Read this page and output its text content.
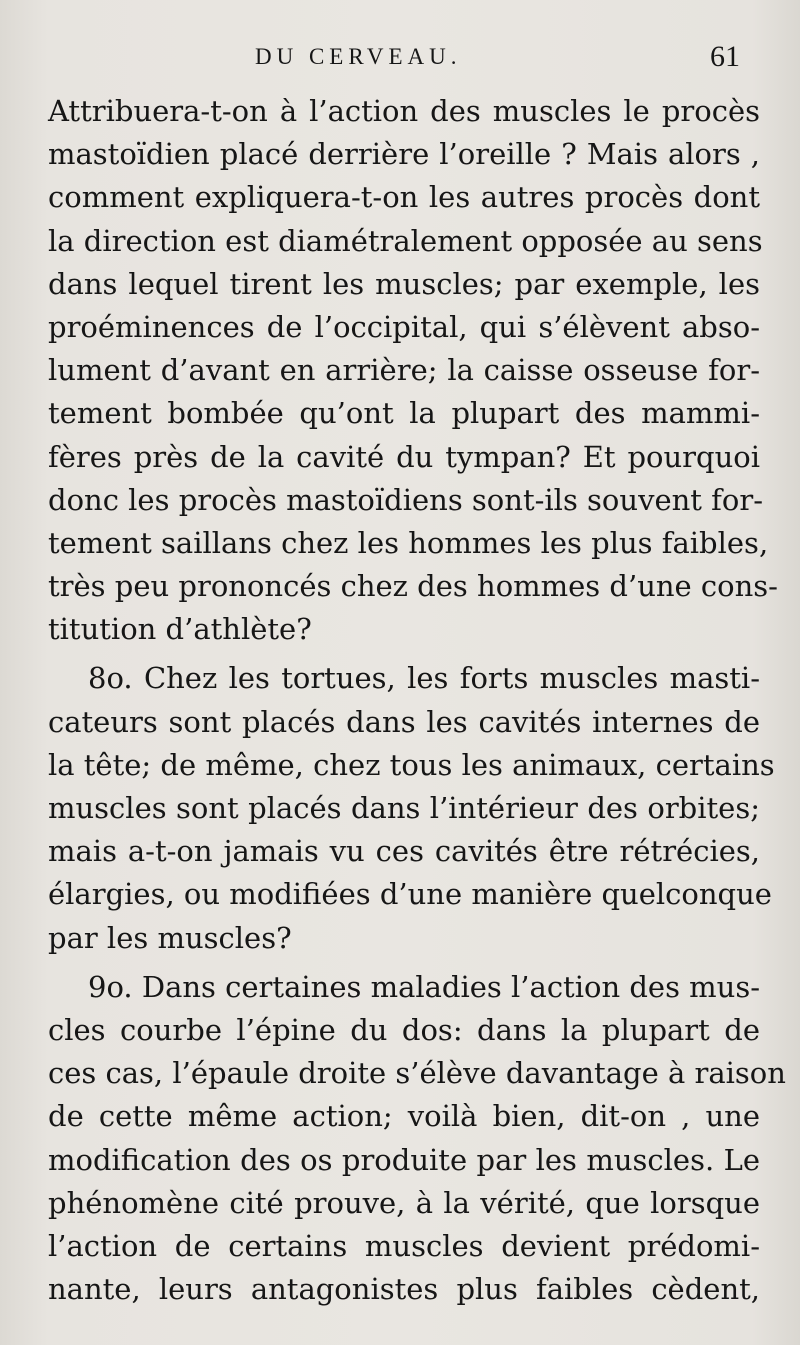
DU CERVEAU.	61
Attribuera-t-on à l’action des muscles le procès
mastoïdien placé derrière l’oreille ? Mais alors ,
comment expliquera-t-on les autres procès dont
la direction est diamétralement opposée au sens
dans lequel tirent les muscles; par exemple, les
proéminences de l’occipital, qui s’élèvent abso-
lument d’avant en arrière; la caisse osseuse for-
tement bombée qu’ont la plupart des mammi-
fères près de la cavité du tympan? Et pourquoi
donc les procès mastoïdiens sont-ils souvent for-
tement saillans chez les hommes les plus faibles,
très peu prononcés chez des hommes d’une cons-
titution d’athlète?
8o. Chez les tortues, les forts muscles masti-
cateurs sont placés dans les cavités internes de
la tête; de même, chez tous les animaux, certains
muscles sont placés dans l’intérieur des orbites;
mais a-t-on jamais vu ces cavités être rétrécies,
élargies, ou modifiées d’une manière quelconque
par les muscles?
9o. Dans certaines maladies l’action des mus-
cles courbe l’épine du dos: dans la plupart de
ces cas, l’épaule droite s’élève davantage à raison
de cette même action; voilà bien, dit-on , une
modification des os produite par les muscles. Le
phénomène cité prouve, à la vérité, que lorsque
l’action de certains muscles devient prédomi-
nante, leurs antagonistes plus faibles cèdent,
